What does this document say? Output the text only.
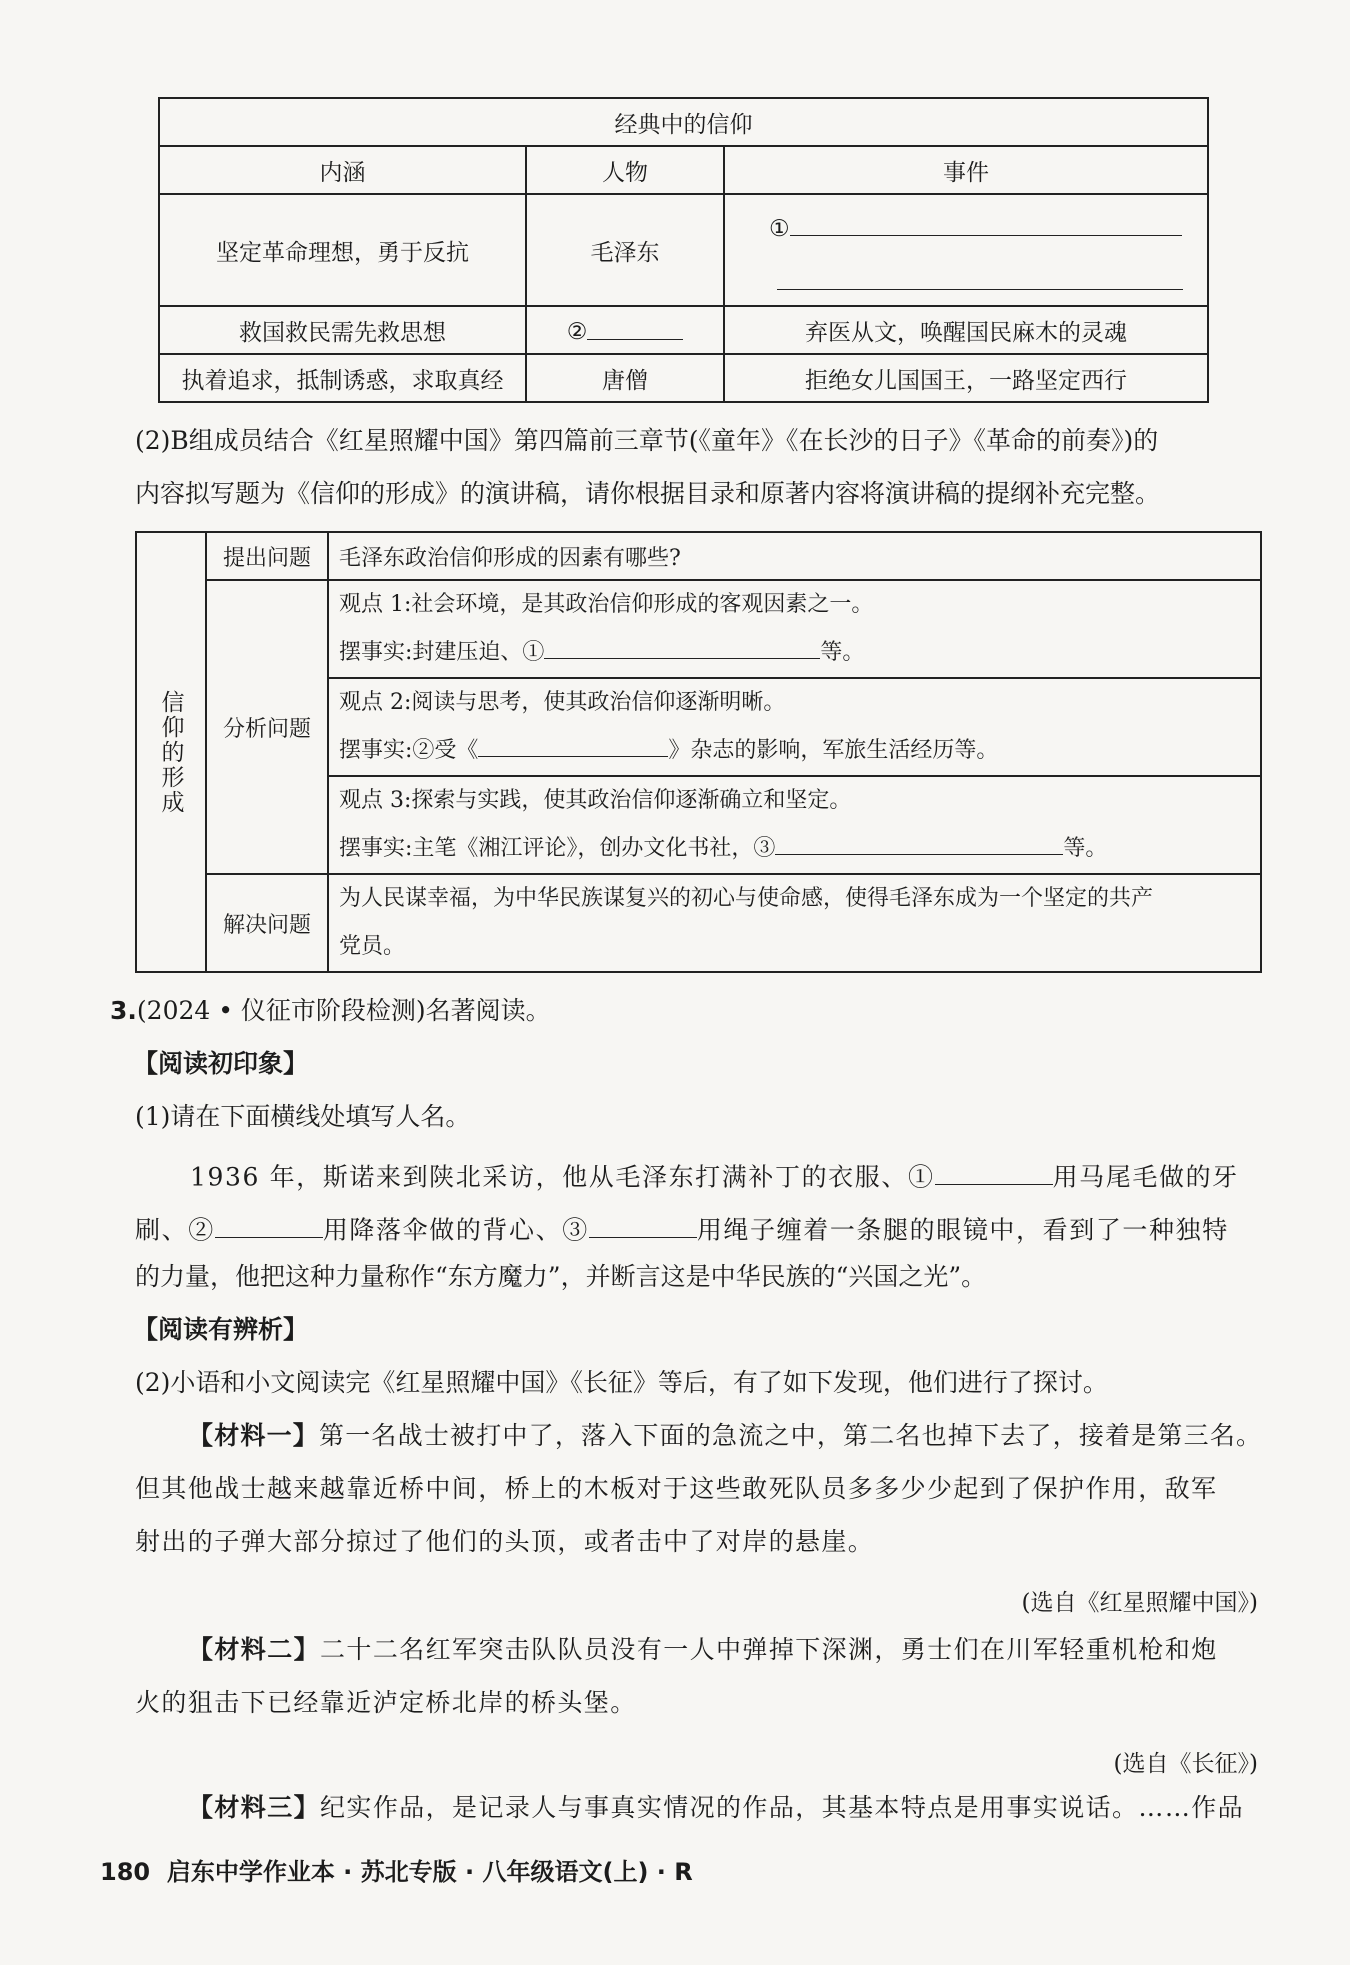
经典中的信仰		
内涵	人物	事件
坚定革命理想，勇于反抗	毛泽东	①

救国救民需先救思想	②	弃医从文，唤醒国民麻木的灵魂
执着追求，抵制诱惑，求取真经	唐僧	拒绝女儿国国王，一路坚定西行
(2)B组成员结合《红星照耀中国》第四篇前三章节(《童年》《在长沙的日子》《革命的前奏》)的
内容拟写题为《信仰的形成》的演讲稿，请你根据目录和原著内容将演讲稿的提纲补充完整。
信仰的形成	提出问题	毛泽东政治信仰形成的因素有哪些?
	分析问题	观点 1:社会环境，是其政治信仰形成的客观因素之一。
摆事实:封建压迫、① 等。

		观点 2:阅读与思考，使其政治信仰逐渐明晰。
摆事实:②受《 》杂志的影响，军旅生活经历等。

		观点 3:探索与实践，使其政治信仰逐渐确立和坚定。
摆事实:主笔《湘江评论》，创办文化书社，③ 等。

	解决问题	为人民谋幸福，为中华民族谋复兴的初心与使命感，使得毛泽东成为一个坚定的共产
党员。
3.(2024 • 仪征市阶段检测)名著阅读。
【阅读初印象】
(1)请在下面横线处填写人名。
1936 年，斯诺来到陕北采访，他从毛泽东打满补丁的衣服、①	用马尾毛做的牙
刷、②	用降落伞做的背心、③	用绳子缠着一条腿的眼镜中，看到了一种独特
的力量，他把这种力量称作“东方魔力”，并断言这是中华民族的“兴国之光”。
【阅读有辨析】
(2)小语和小文阅读完《红星照耀中国》《长征》等后，有了如下发现，他们进行了探讨。
【材料一】第一名战士被打中了，落入下面的急流之中，第二名也掉下去了，接着是第三名。
但其他战士越来越靠近桥中间，桥上的木板对于这些敢死队员多多少少起到了保护作用，敌军
射出的子弹大部分掠过了他们的头顶，或者击中了对岸的悬崖。
(选自《红星照耀中国》)
【材料二】二十二名红军突击队队员没有一人中弹掉下深渊，勇士们在川军轻重机枪和炮
火的狙击下已经靠近泸定桥北岸的桥头堡。
(选自《长征》)
【材料三】纪实作品，是记录人与事真实情况的作品，其基本特点是用事实说话。……作品
180 启东中学作业本 · 苏北专版 · 八年级语文(上) · R
